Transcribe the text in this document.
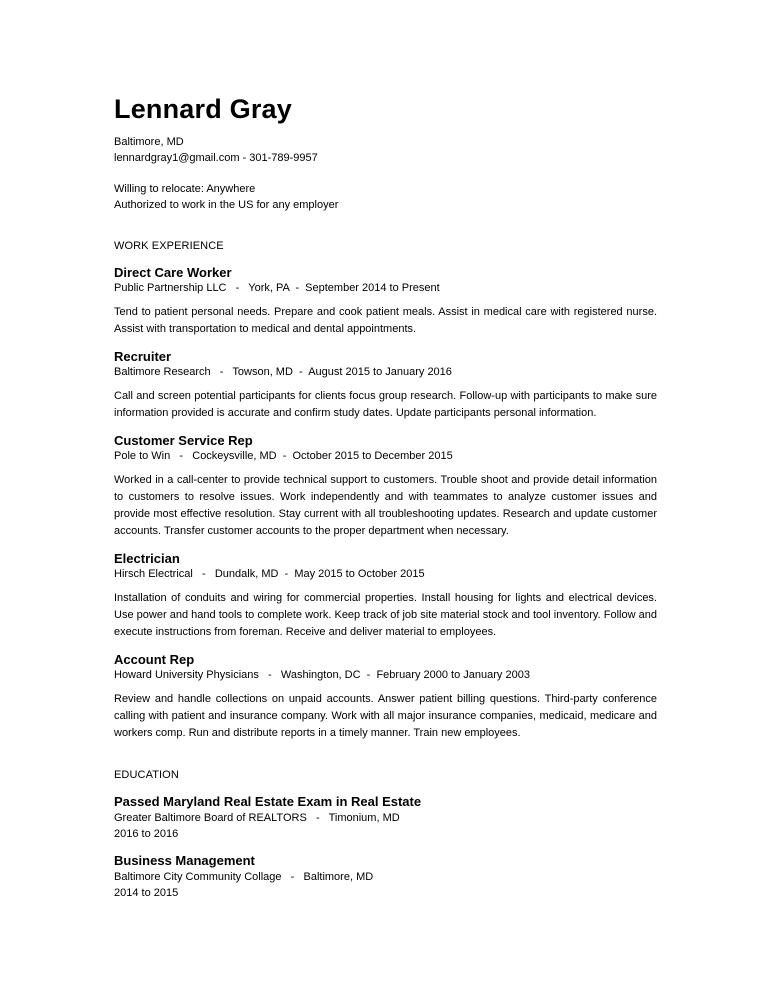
Lennard Gray
Baltimore, MD
lennardgray1@gmail.com - 301-789-9957
Willing to relocate: Anywhere
Authorized to work in the US for any employer
WORK EXPERIENCE
Direct Care Worker
Public Partnership LLC   -   York, PA  -  September 2014 to Present
Tend to patient personal needs. Prepare and cook patient meals. Assist in medical care with registered nurse. Assist with transportation to medical and dental appointments.
Recruiter
Baltimore Research   -   Towson, MD  -  August 2015 to January 2016
Call and screen potential participants for clients focus group research. Follow-up with participants to make sure information provided is accurate and confirm study dates. Update participants personal information.
Customer Service Rep
Pole to Win   -   Cockeysville, MD  -  October 2015 to December 2015
Worked in a call-center to provide technical support to customers. Trouble shoot and provide detail information to customers to resolve issues. Work independently and with teammates to analyze customer issues and provide most effective resolution. Stay current with all troubleshooting updates. Research and update customer accounts. Transfer customer accounts to the proper department when necessary.
Electrician
Hirsch Electrical   -   Dundalk, MD  -  May 2015 to October 2015
Installation of conduits and wiring for commercial properties. Install housing for lights and electrical devices. Use power and hand tools to complete work. Keep track of job site material stock and tool inventory. Follow and execute instructions from foreman. Receive and deliver material to employees.
Account Rep
Howard University Physicians   -   Washington, DC  -  February 2000 to January 2003
Review and handle collections on unpaid accounts. Answer patient billing questions. Third-party conference calling with patient and insurance company. Work with all major insurance companies, medicaid, medicare and workers comp. Run and distribute reports in a timely manner. Train new employees.
EDUCATION
Passed Maryland Real Estate Exam in Real Estate
Greater Baltimore Board of REALTORS   -   Timonium, MD
2016 to 2016
Business Management
Baltimore City Community Collage   -   Baltimore, MD
2014 to 2015
